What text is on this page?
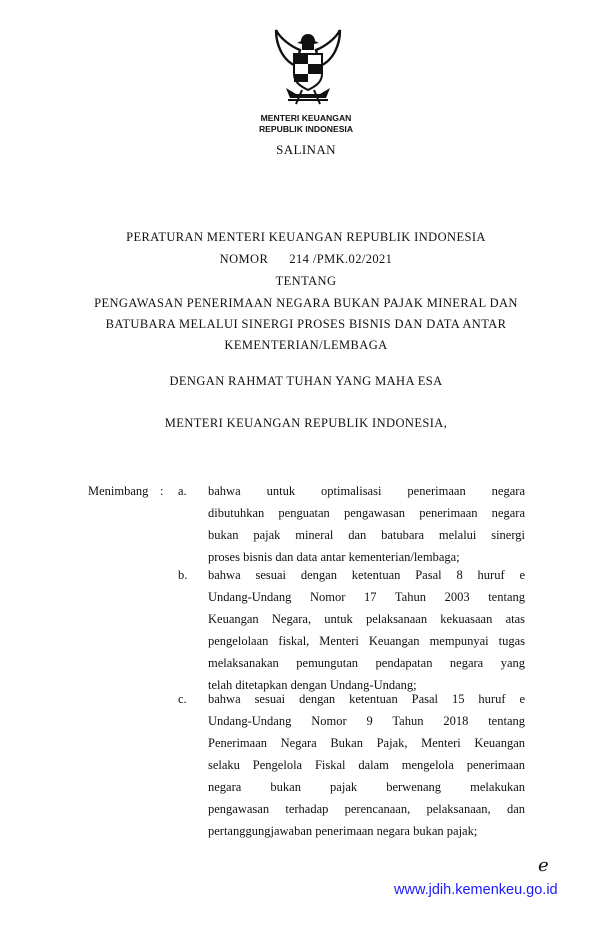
MENTERI KEUANGAN
REPUBLIK INDONESIA
SALINAN
PERATURAN MENTERI KEUANGAN REPUBLIK INDONESIA
NOMOR 214 /PMK.02/2021
TENTANG
PENGAWASAN PENERIMAAN NEGARA BUKAN PAJAK MINERAL DAN
BATUBARA MELALUI SINERGI PROSES BISNIS DAN DATA ANTAR
KEMENTERIAN/LEMBAGA
DENGAN RAHMAT TUHAN YANG MAHA ESA
MENTERI KEUANGAN REPUBLIK INDONESIA,
Menimbang : a. bahwa untuk optimalisasi penerimaan negara
dibutuhkan penguatan pengawasan penerimaan negara
bukan pajak mineral dan batubara melalui sinergi
proses bisnis dan data antar kementerian/lembaga;
b. bahwa sesuai dengan ketentuan Pasal 8 huruf e
Undang-Undang Nomor 17 Tahun 2003 tentang
Keuangan Negara, untuk pelaksanaan kekuasaan atas
pengelolaan fiskal, Menteri Keuangan mempunyai tugas
melaksanakan pemungutan pendapatan negara yang
telah ditetapkan dengan Undang-Undang;
c. bahwa sesuai dengan ketentuan Pasal 15 huruf e
Undang-Undang Nomor 9 Tahun 2018 tentang
Penerimaan Negara Bukan Pajak, Menteri Keuangan
selaku Pengelola Fiskal dalam mengelola penerimaan
negara bukan pajak berwenang melakukan
pengawasan terhadap perencanaan, pelaksanaan, dan
pertanggungjawaban penerimaan negara bukan pajak;
e
www.jdih.kemenkeu.go.id
